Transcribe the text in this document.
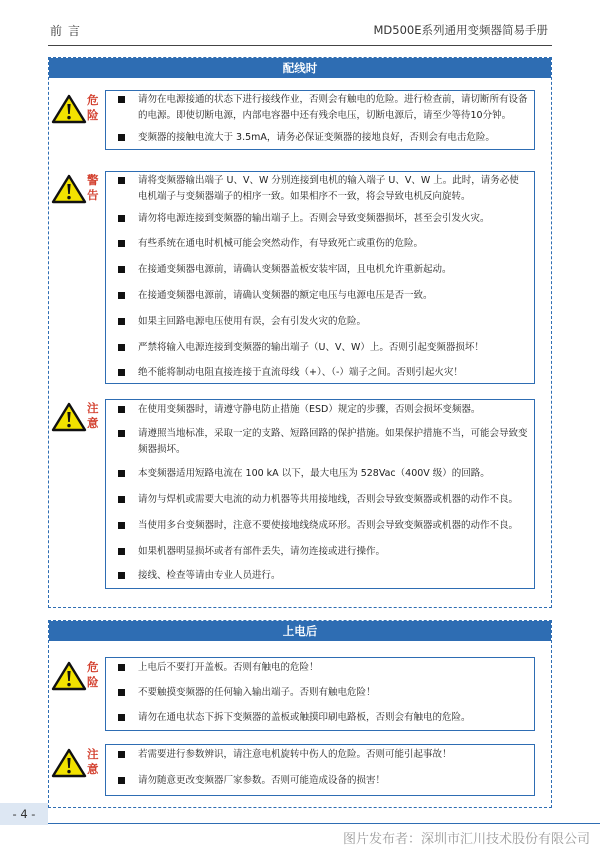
前言	MD500E系列通用变频器简易手册
配线时
危险
请勿在电源接通的状态下进行接线作业，否则会有触电的危险。进行检查前，请切断所有设备的电源。即使切断电源，内部电容器中还有残余电压，切断电源后，请至少等待10分钟。
变频器的接触电流大于 3.5mA，请务必保证变频器的接地良好，否则会有电击危险。
警告
请将变频器输出端子 U、V、W 分别连接到电机的输入端子 U、V、W 上。此时，请务必使电机端子与变频器端子的相序一致。如果相序不一致，将会导致电机反向旋转。
请勿将电源连接到变频器的输出端子上。否则会导致变频器损坏，甚至会引发火灾。
有些系统在通电时机械可能会突然动作，有导致死亡或重伤的危险。
在接通变频器电源前，请确认变频器盖板安装牢固，且电机允许重新起动。
在接通变频器电源前，请确认变频器的额定电压与电源电压是否一致。
如果主回路电源电压使用有误，会有引发火灾的危险。
严禁将输入电源连接到变频器的输出端子（U、V、W）上。否则引起变频器损坏！
绝不能将制动电阻直接连接于直流母线（+）、（-）端子之间。否则引起火灾！
注意
在使用变频器时，请遵守静电防止措施（ESD）规定的步骤，否则会损坏变频器。
请遵照当地标准，采取一定的支路、短路回路的保护措施。如果保护措施不当，可能会导致变频器损坏。
本变频器适用短路电流在 100 kA 以下，最大电压为 528Vac（400V 级）的回路。
请勿与焊机或需要大电流的动力机器等共用接地线，否则会导致变频器或机器的动作不良。
当使用多台变频器时，注意不要使接地线绕成环形。否则会导致变频器或机器的动作不良。
如果机器明显损坏或者有部件丢失，请勿连接或进行操作。
接线、检查等请由专业人员进行。
上电后
危险
上电后不要打开盖板。否则有触电的危险！
不要触摸变频器的任何输入输出端子。否则有触电危险！
请勿在通电状态下拆下变频器的盖板或触摸印刷电路板，否则会有触电的危险。
注意
若需要进行参数辨识，请注意电机旋转中伤人的危险。否则可能引起事故！
请勿随意更改变频器厂家参数。否则可能造成设备的损害！
- 4 -
图片发布者：深圳市汇川技术股份有限公司
